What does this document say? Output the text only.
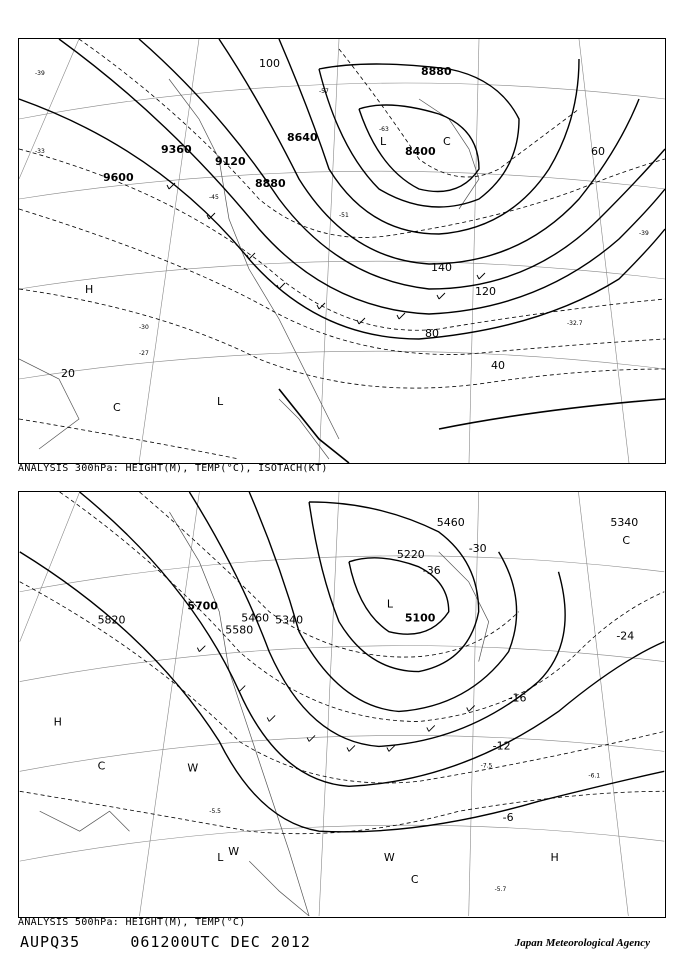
9600
9360
9120
8880
8640
8400
8880
100
120
140
60
40
20
80
-39
-33
-45
-51
-27
-30
-32.7
-39
-57
-63
H
L
C	L
C
ANALYSIS 300hPa: HEIGHT(M), TEMP(°C), ISOTACH(KT)
5820
5700
5580
5460 5340
5220
5100
5340
5460
-36
-30
-24
-16
-12
-6
-5.5
-7.5
-6.1
-5.7
H
C
L
W
W
C
H
W
L
C
ANALYSIS 500hPa: HEIGHT(M), TEMP(°C)
AUPQ35     061200UTC DEC 2012	Japan Meteorological Agency
